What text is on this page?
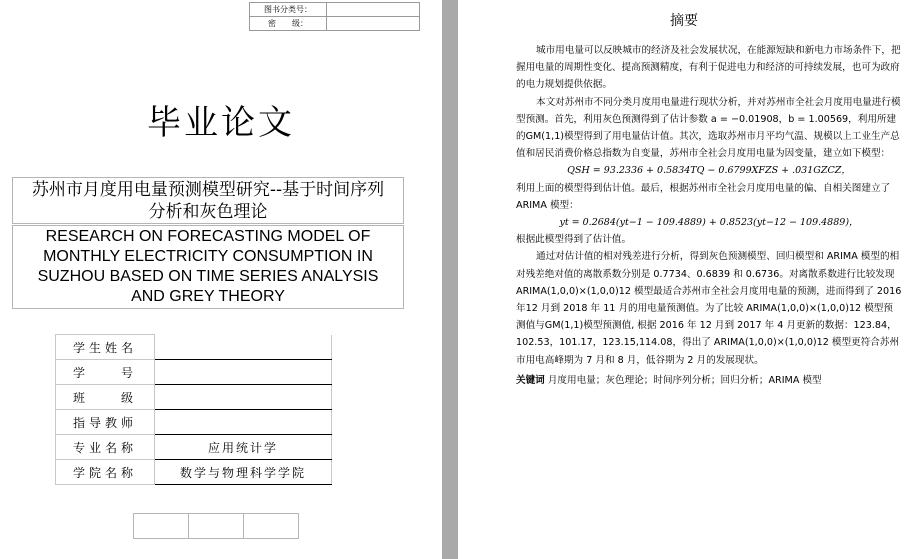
图书分类号：	
密　　级：	
毕业论文
苏州市月度用电量预测模型研究--基于时间序列
分析和灰色理论
RESEARCH ON FORECASTING MODEL OF
MONTHLY ELECTRICITY CONSUMPTION IN
SUZHOU BASED ON TIME SERIES ANALYSIS
AND GREY THEORY
学生姓名	
学　　号	
班　　级	
指导教师	
专业名称	应用统计学
学院名称	数学与物理科学学院

摘要

城市用电量可以反映城市的经济及社会发展状况，在能源短缺和新电力市场条件下，把握用电量的周期性变化、提高预测精度，有利于促进电力和经济的可持续发展，也可为政府的电力规划提供依据。

本文对苏州市不同分类月度用电量进行现状分析，并对苏州市全社会月度用电量进行模型预测。首先，利用灰色预测得到了估计参数 a = −0.01908，b = 1.00569，利用所建的GM(1,1)模型得到了用电量估计值。其次，选取苏州市月平均气温、规模以上工业生产总值和居民消费价格总指数为自变量，苏州市全社会月度用电量为因变量，建立如下模型：

QSH = 93.2336 + 0.5834TQ − 0.6799XFZS + .031GZCZ，

利用上面的模型得到估计值。最后，根据苏州市全社会月度用电量的偏、自相关图建立了ARIMA 模型：

yt = 0.2684(yt−1 − 109.4889) + 0.8523(yt−12 − 109.4889)，

根据此模型得到了估计值。

通过对估计值的相对残差进行分析，得到灰色预测模型、回归模型和 ARIMA 模型的相对残差绝对值的离散系数分别是 0.7734、0.6839 和 0.6736。对离散系数进行比较发现ARIMA(1,0,0)×(1,0,0)12 模型最适合苏州市全社会月度用电量的预测，进而得到了 2016 年12 月到 2018 年 11 月的用电量预测值。为了比较 ARIMA(1,0,0)×(1,0,0)12 模型预测值与GM(1,1)模型预测值, 根据 2016 年 12 月到 2017 年 4 月更新的数据：123.84，102.53，101.17，123.15,114.08，得出了 ARIMA(1,0,0)×(1,0,0)12 模型更符合苏州市用电高峰期为 7 月和 8 月，低谷期为 2 月的发展现状。

关键词 月度用电量；灰色理论；时间序列分析；回归分析；ARIMA 模型
